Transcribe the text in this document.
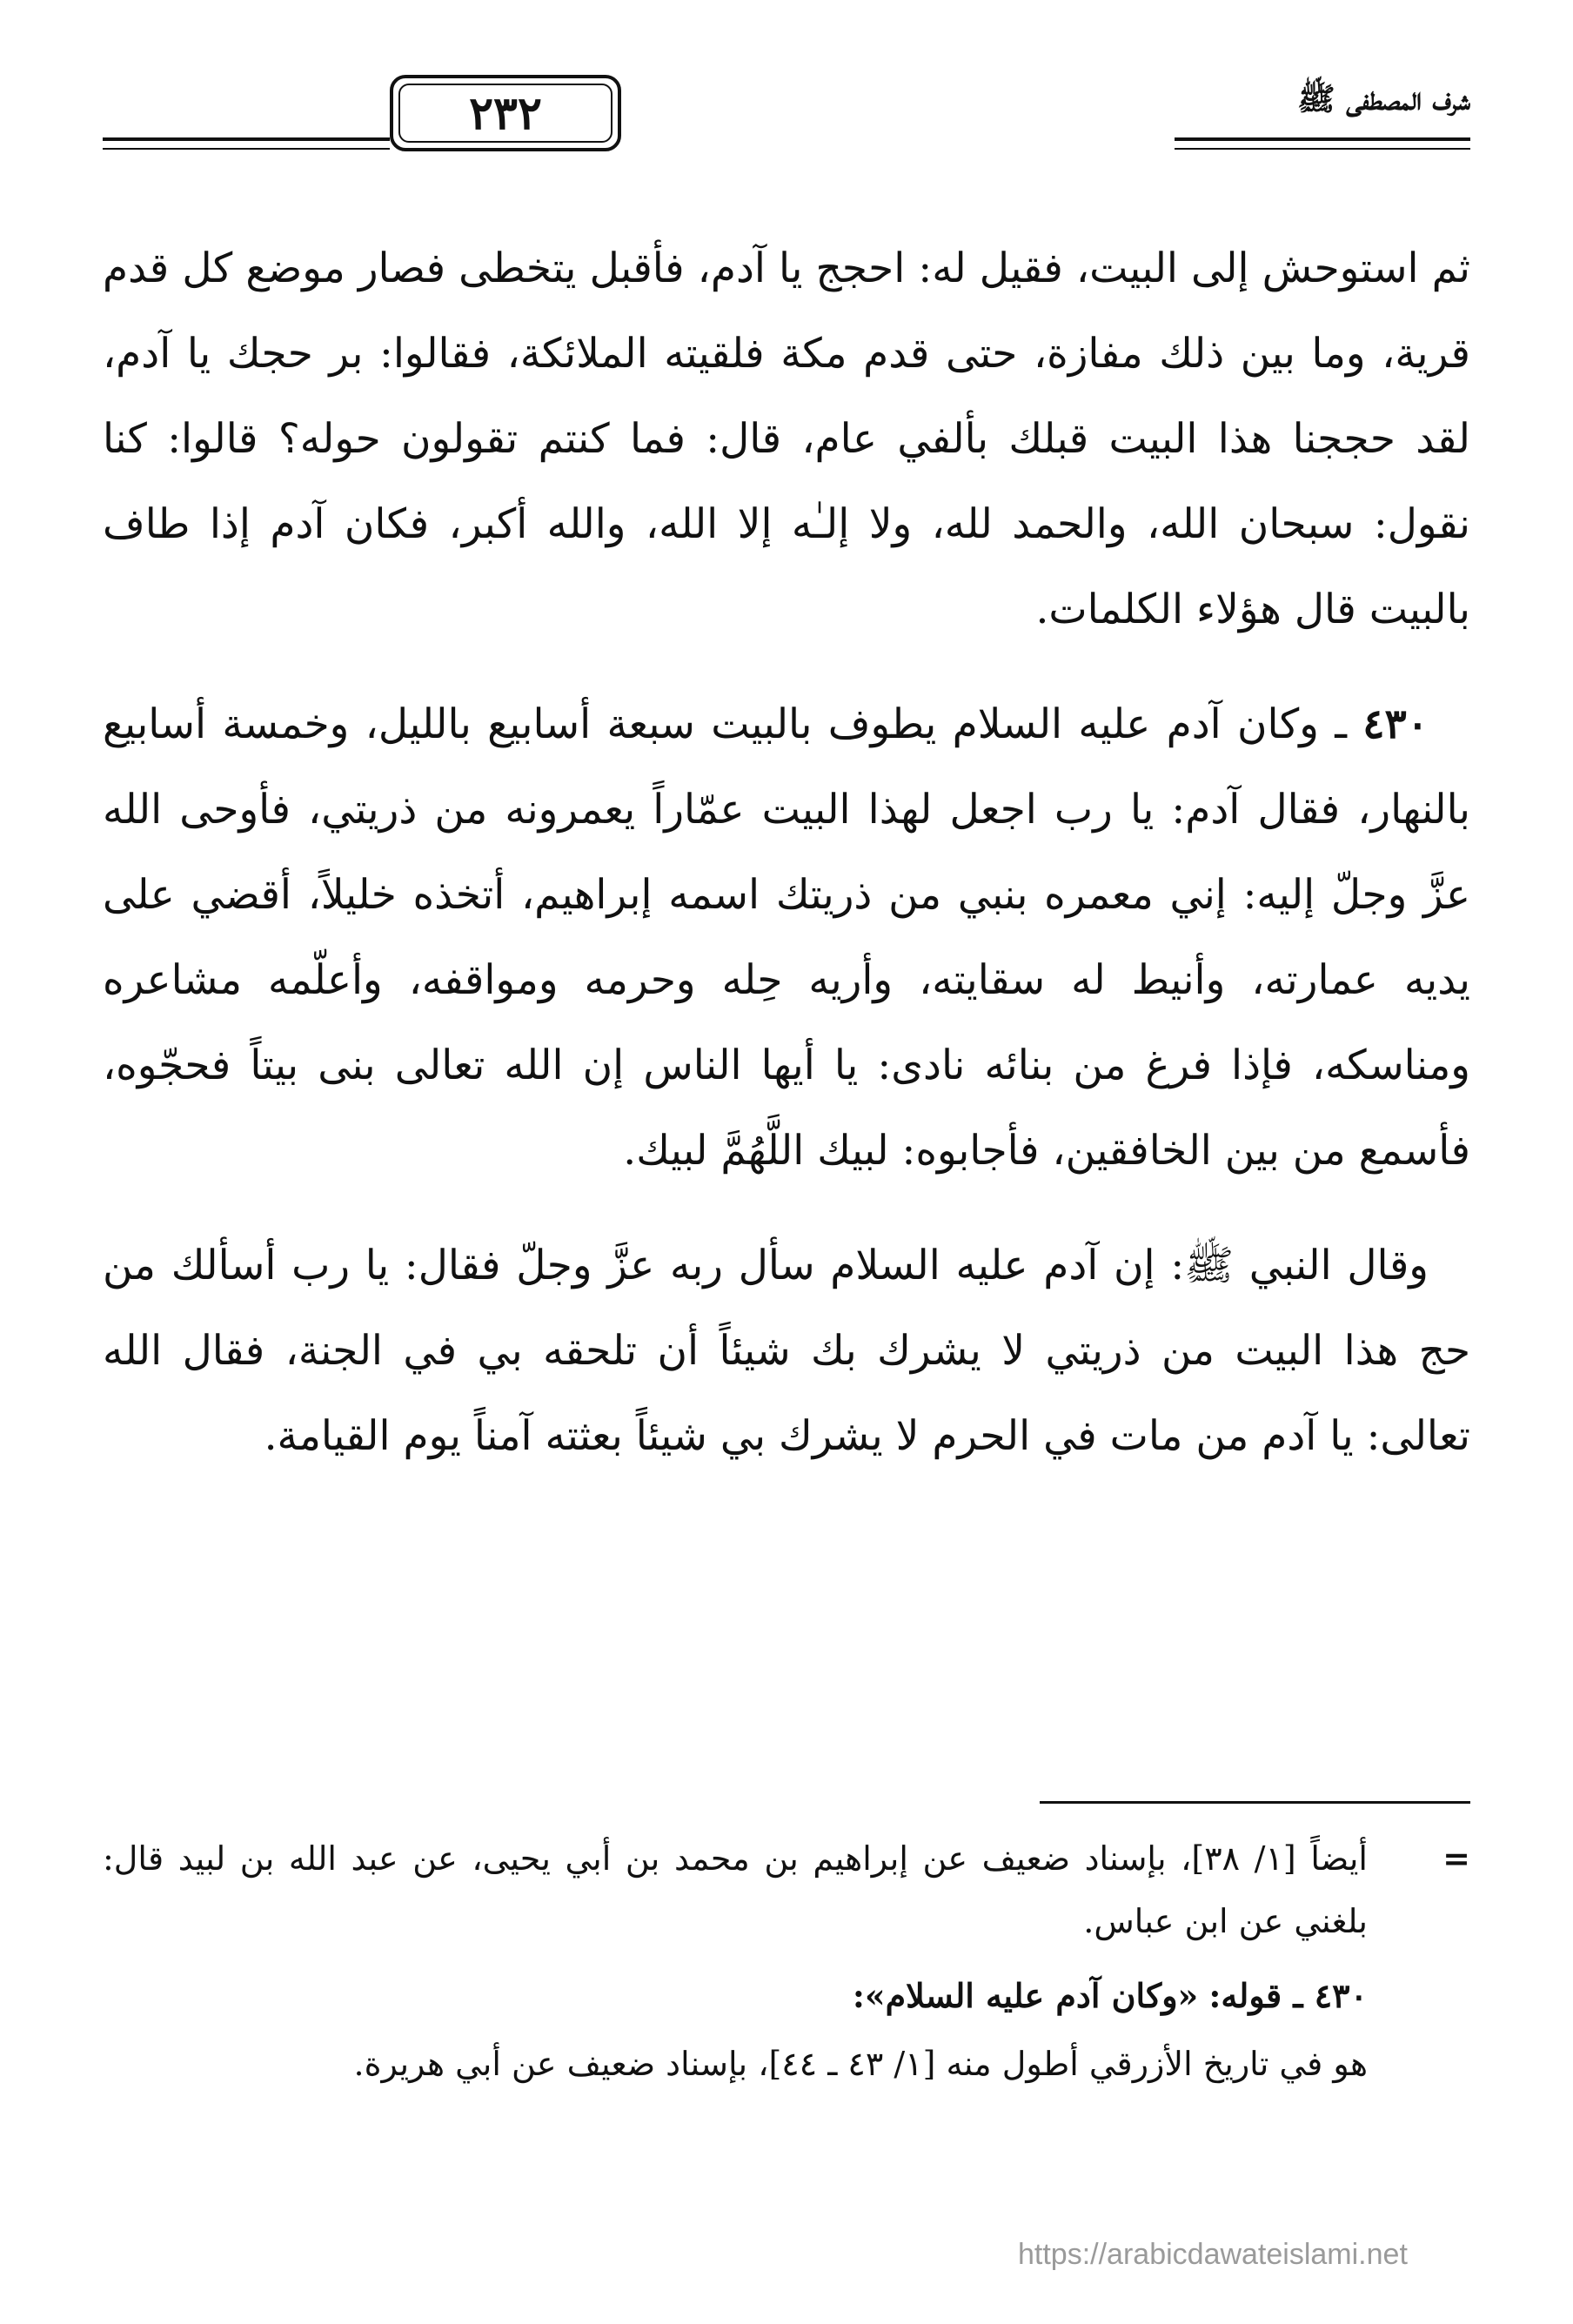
شرف المصطفى ﷺ
٢٣٢

ثم استوحش إلى البيت، فقيل له: احجج يا آدم، فأقبل يتخطى فصار موضع كل قدم قرية، وما بين ذلك مفازة، حتى قدم مكة فلقيته الملائكة، فقالوا: بر حجك يا آدم، لقد حججنا هذا البيت قبلك بألفي عام، قال: فما كنتم تقولون حوله؟ قالوا: كنا نقول: سبحان الله، والحمد لله، ولا إلـٰه إلا الله، والله أكبر، فكان آدم إذا طاف بالبيت قال هؤلاء الكلمات.

٤٣٠ ـ وكان آدم عليه السلام يطوف بالبيت سبعة أسابيع بالليل، وخمسة أسابيع بالنهار، فقال آدم: يا رب اجعل لهذا البيت عمّاراً يعمرونه من ذريتي، فأوحى الله عزَّ وجلّ إليه: إني معمره بنبي من ذريتك اسمه إبراهيم، أتخذه خليلاً، أقضي على يديه عمارته، وأنيط له سقايته، وأريه حِله وحرمه ومواقفه، وأعلّمه مشاعره ومناسكه، فإذا فرغ من بنائه نادى: يا أيها الناس إن الله تعالى بنى بيتاً فحجّوه، فأسمع من بين الخافقين، فأجابوه: لبيك اللَّهُمَّ لبيك.

وقال النبي ﷺ: إن آدم عليه السلام سأل ربه عزَّ وجلّ فقال: يا رب أسألك من حج هذا البيت من ذريتي لا يشرك بك شيئاً أن تلحقه بي في الجنة، فقال الله تعالى: يا آدم من مات في الحرم لا يشرك بي شيئاً بعثته آمناً يوم القيامة.

=
أيضاً [١/ ٣٨]، بإسناد ضعيف عن إبراهيم بن محمد بن أبي يحيى، عن عبد الله بن لبيد قال: بلغني عن ابن عباس.

٤٣٠ ـ قوله: «وكان آدم عليه السلام»:

هو في تاريخ الأزرقي أطول منه [١/ ٤٣ ـ ٤٤]، بإسناد ضعيف عن أبي هريرة.

https://arabicdawateislami.net
